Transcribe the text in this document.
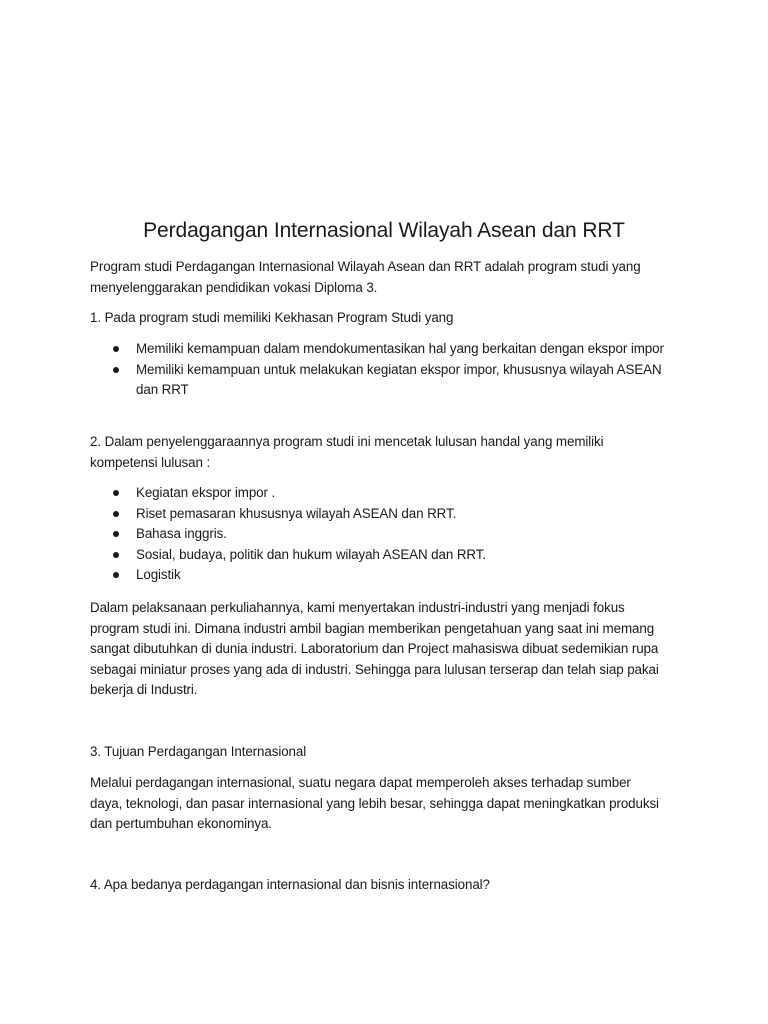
Perdagangan Internasional Wilayah Asean dan RRT

Program studi Perdagangan Internasional Wilayah Asean dan RRT adalah program studi yang menyelenggarakan pendidikan vokasi Diploma 3.

1. Pada program studi memiliki Kekhasan Program Studi yang

Memiliki kemampuan dalam mendokumentasikan hal yang berkaitan dengan ekspor impor
Memiliki kemampuan untuk melakukan kegiatan ekspor impor, khususnya wilayah ASEAN dan RRT

2. Dalam penyelenggaraannya program studi ini mencetak lulusan handal yang memiliki kompetensi lulusan :

Kegiatan ekspor impor .
Riset pemasaran khususnya wilayah ASEAN dan RRT.
Bahasa inggris.
Sosial, budaya, politik dan hukum wilayah ASEAN dan RRT.
Logistik

Dalam pelaksanaan perkuliahannya, kami menyertakan industri-industri yang menjadi fokus program studi ini. Dimana industri ambil bagian memberikan pengetahuan yang saat ini memang sangat dibutuhkan di dunia industri. Laboratorium dan Project mahasiswa dibuat sedemikian rupa sebagai miniatur proses yang ada di industri. Sehingga para lulusan terserap dan telah siap pakai bekerja di Industri.

3. Tujuan Perdagangan Internasional

Melalui perdagangan internasional, suatu negara dapat memperoleh akses terhadap sumber daya, teknologi, dan pasar internasional yang lebih besar, sehingga dapat meningkatkan produksi dan pertumbuhan ekonominya.

4. Apa bedanya perdagangan internasional dan bisnis internasional?
